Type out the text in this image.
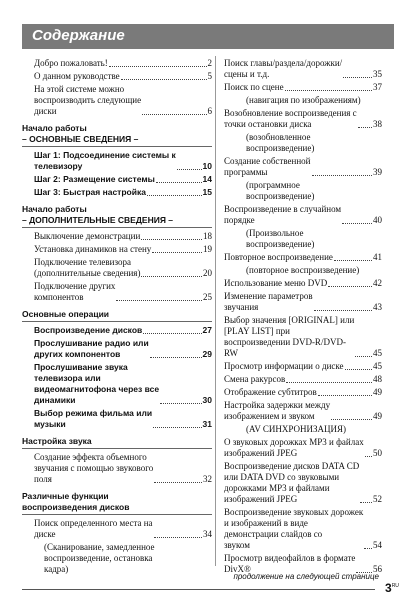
Содержание
Добро пожаловать!	2
О данном руководстве	5
На этой системе можно
воспроизводить следующие
диски	6
Начало работы
– ОСНОВНЫЕ СВЕДЕНИЯ –
Шаг 1: Подсоединение системы к
телевизору	10
Шаг 2: Размещение системы	14
Шаг 3: Быстрая настройка	15
Начало работы
– ДОПОЛНИТЕЛЬНЫЕ СВЕДЕНИЯ –
Выключение демонстрации	18
Установка динамиков на стену	19
Подключение телевизора
(дополнительные сведения)	20
Подключение других
компонентов	25
Основные операции
Воспроизведение дисков	27
Прослушивание радио или
других компонентов	29
Прослушивание звука
телевизора или
видеомагнитофона через все
динамики	30
Выбор режима фильма или
музыки	31
Настройка звука
Создание эффекта объемного
звучания с помощью звукового
поля	32
Различные функции
воспроизведения дисков
Поиск определенного места на
диске	34
(Сканирование, замедленное
воспроизведение, остановка
кадра)
Поиск главы/раздела/дорожки/
сцены и т.д.	35
Поиск по сцене	37
(навигация по изображениям)
Возобновление воспроизведения с
точки остановки диска	38
(возобновленное
воспроизведение)
Создание собственной
программы	39
(программное
воспроизведение)
Воспроизведение в случайном
порядке	40
(Произвольное
воспроизведение)
Повторное воспроизведение	41
(повторное воспроизведение)
Использование меню DVD	42
Изменение параметров
звучания	43
Выбор значения [ORIGINAL] или
[PLAY LIST] при
воспроизведении DVD-R/DVD-
RW	45
Просмотр информации о диске	45
Смена ракурсов	48
Отображение субтитров	49
Настройка задержки между
изображением и звуком	49
(AV СИНХРОНИЗАЦИЯ)
О звуковых дорожках MP3 и файлах
изображений JPEG	50
Воспроизведение дисков DATA CD
или DATA DVD со звуковыми
дорожками MP3 и файлами
изображений JPEG	52
Воспроизведение звуковых дорожек
и изображений в виде
демонстрации слайдов со
звуком	54
Просмотр видеофайлов в формате
DivX®	56
продолжение на следующей странице
$3^{RU}$
